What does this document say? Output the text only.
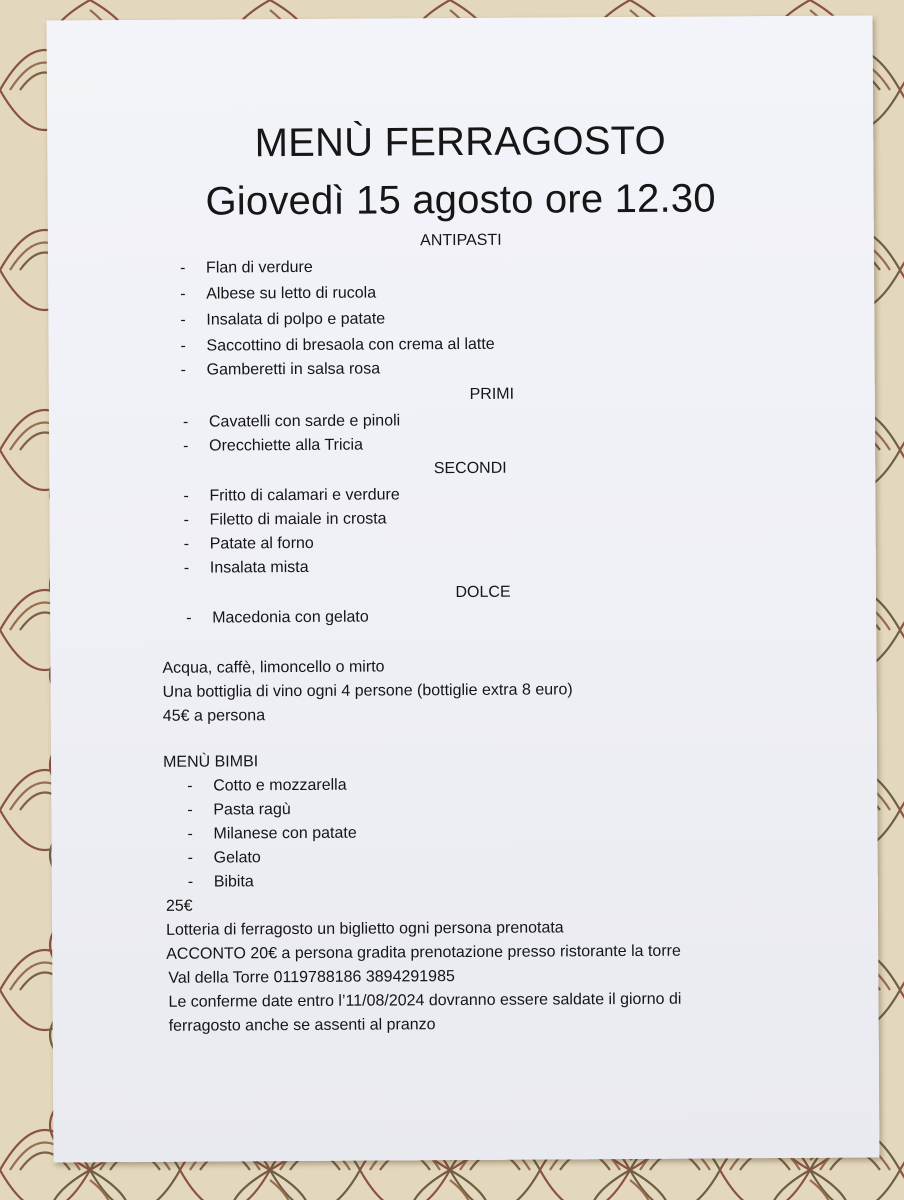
MENÙ FERRAGOSTO
Giovedì 15 agosto ore 12.30
ANTIPASTI
- Flan di verdure
- Albese su letto di rucola
- Insalata di polpo e patate
- Saccottino di bresaola con crema al latte
- Gamberetti in salsa rosa
PRIMI
- Cavatelli con sarde e pinoli
- Orecchiette alla Tricia
SECONDI
- Fritto di calamari e verdure
- Filetto di maiale in crosta
- Patate al forno
- Insalata mista
DOLCE
- Macedonia con gelato

Acqua, caffè, limoncello o mirto

Una bottiglia di vino ogni 4 persone (bottiglie extra 8 euro)

45€ a persona

MENÙ BIMBI

- Cotto e mozzarella
- Pasta ragù
- Milanese con patate
- Gelato
- Bibita

25€

Lotteria di ferragosto un biglietto ogni persona prenotata

ACCONTO 20€ a persona gradita prenotazione presso ristorante la torre

Val della Torre 0119788186 3894291985

Le conferme date entro l’11/08/2024 dovranno essere saldate il giorno di

ferragosto anche se assenti al pranzo
